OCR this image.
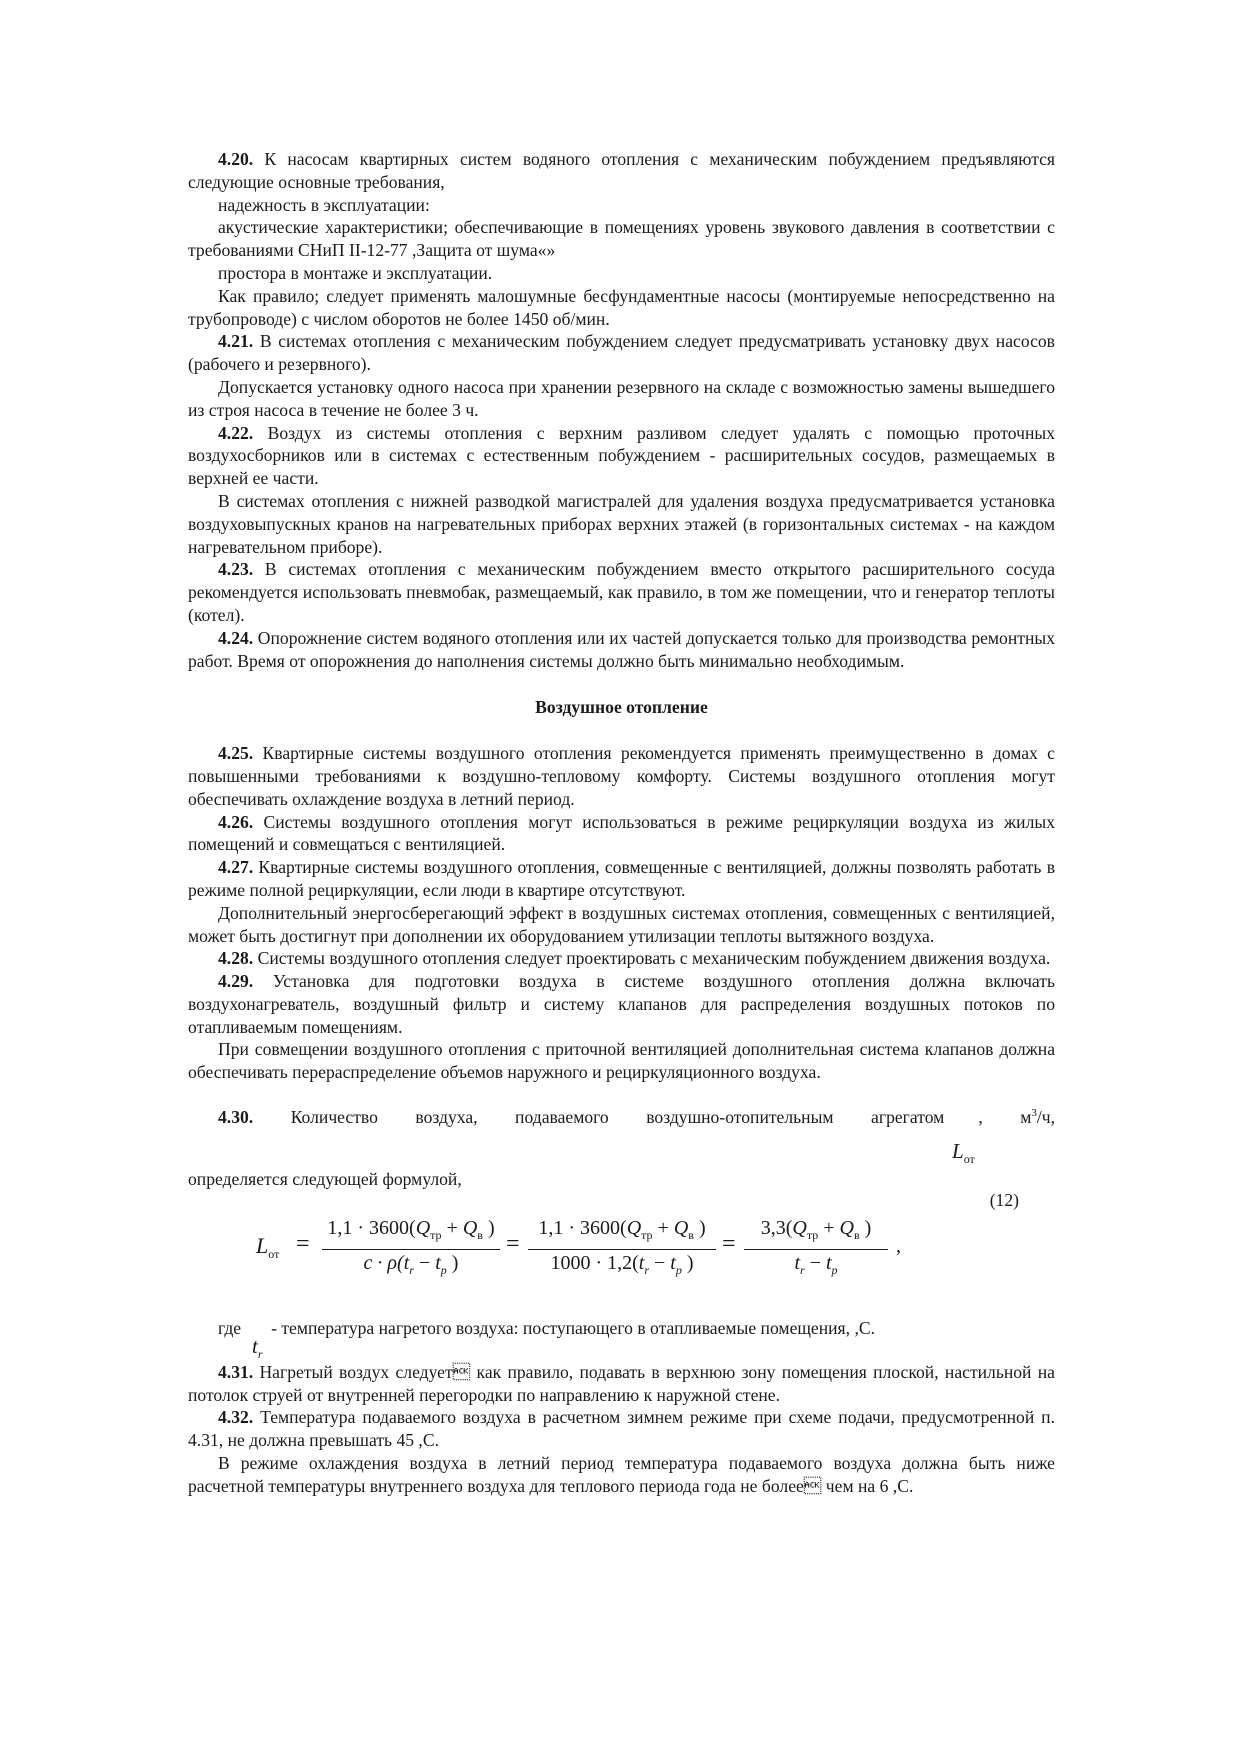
4.20. К насосам квартирных систем водяного отопления с механическим побуждением предъявляются следующие основные требования,

надежность в эксплуатации:

акустические характеристики; обеспечивающие в помещениях уровень звукового давления в соответствии с требованиями СНиП II-12-77 ,Защита от шума«»

простора в монтаже и эксплуатации.

Как правило; следует применять малошумные бесфундаментные насосы (монтируемые непосредственно на трубопроводе) с числом оборотов не более 1450 об/мин.

4.21. В системах отопления с механическим побуждением следует предусматривать установку двух насосов (рабочего и резервного).

Допускается установку одного насоса при хранении резервного на складе с возможностью замены вышедшего из строя насоса в течение не более 3 ч.

4.22. Воздух из системы отопления с верхним разливом следует удалять с помощью проточных воздухосборников или в системах с естественным побуждением - расширительных сосудов, размещаемых в верхней ее части.

В системах отопления с нижней разводкой магистралей для удаления воздуха предусматривается установка воздуховыпускных кранов на нагревательных приборах верхних этажей (в горизонтальных системах - на каждом нагревательном приборе).

4.23. В системах отопления с механическим побуждением вместо открытого расширительного сосуда рекомендуется использовать пневмобак, размещаемый, как правило, в том же помещении, что и генератор теплоты (котел).

4.24. Опорожнение систем водяного отопления или их частей допускается только для производства ремонтных работ. Время от опорожнения до наполнения системы должно быть минимально необходимым.

Воздушное отопление

4.25. Квартирные системы воздушного отопления рекомендуется применять преимущественно в домах с повышенными требованиями к воздушно-тепловому комфорту. Системы воздушного отопления могут обеспечивать охлаждение воздуха в летний период.

4.26. Системы воздушного отопления могут использоваться в режиме рециркуляции воздуха из жилых помещений и совмещаться с вентиляцией.

4.27. Квартирные системы воздушного отопления, совмещенные с вентиляцией, должны позволять работать в режиме полной рециркуляции, если люди в квартире отсутствуют.

Дополнительный энергосберегающий эффект в воздушных системах отопления, совмещенных с вентиляцией, может быть достигнут при дополнении их оборудованием утилизации теплоты вытяжного воздуха.

4.28. Системы воздушного отопления следует проектировать с механическим побуждением движения воздуха.

4.29. Установка для подготовки воздуха в системе воздушного отопления должна включать воздухонагреватель, воздушный фильтр и систему клапанов для распределения воздушных потоков по отапливаемым помещениям.

При совмещении воздушного отопления с приточной вентиляцией дополнительная система клапанов должна обеспечивать перераспределение объемов наружного и рециркуляционного воздуха.

4.30. Количество воздуха, подаваемого воздушно-отопительным агрегатом , $м^3/ч$,

$L_{от}$

определяется следующей формулой,

(12)
$L_{от}$ =
$1,1 \cdot 3600(Q_{тр} + Q_в$ )
$c \cdot \rho(t_r - t_p$ )
=
$1,1 \cdot 3600(Q_{тр} + Q_в$ )
$1000 \cdot 1,2(t_r - t_p$ )
=
$3,3(Q_{тр} + Q_в$ )
$t_r - t_p$
,

где - температура нагретого воздуха: поступающего в отапливаемые помещения, ,С.

$t_r$

4.31. Нагретый воздух следует как правило, подавать в верхнюю зону помещения плоской, настильной на потолок струей от внутренней перегородки по направлению к наружной стене.

4.32. Температура подаваемого воздуха в расчетном зимнем режиме при схеме подачи, предусмотренной п. 4.31, не должна превышать 45 ,С.

В режиме охлаждения воздуха в летний период температура подаваемого воздуха должна быть ниже расчетной температуры внутреннего воздуха для теплового периода года не более чем на 6 ,С.
